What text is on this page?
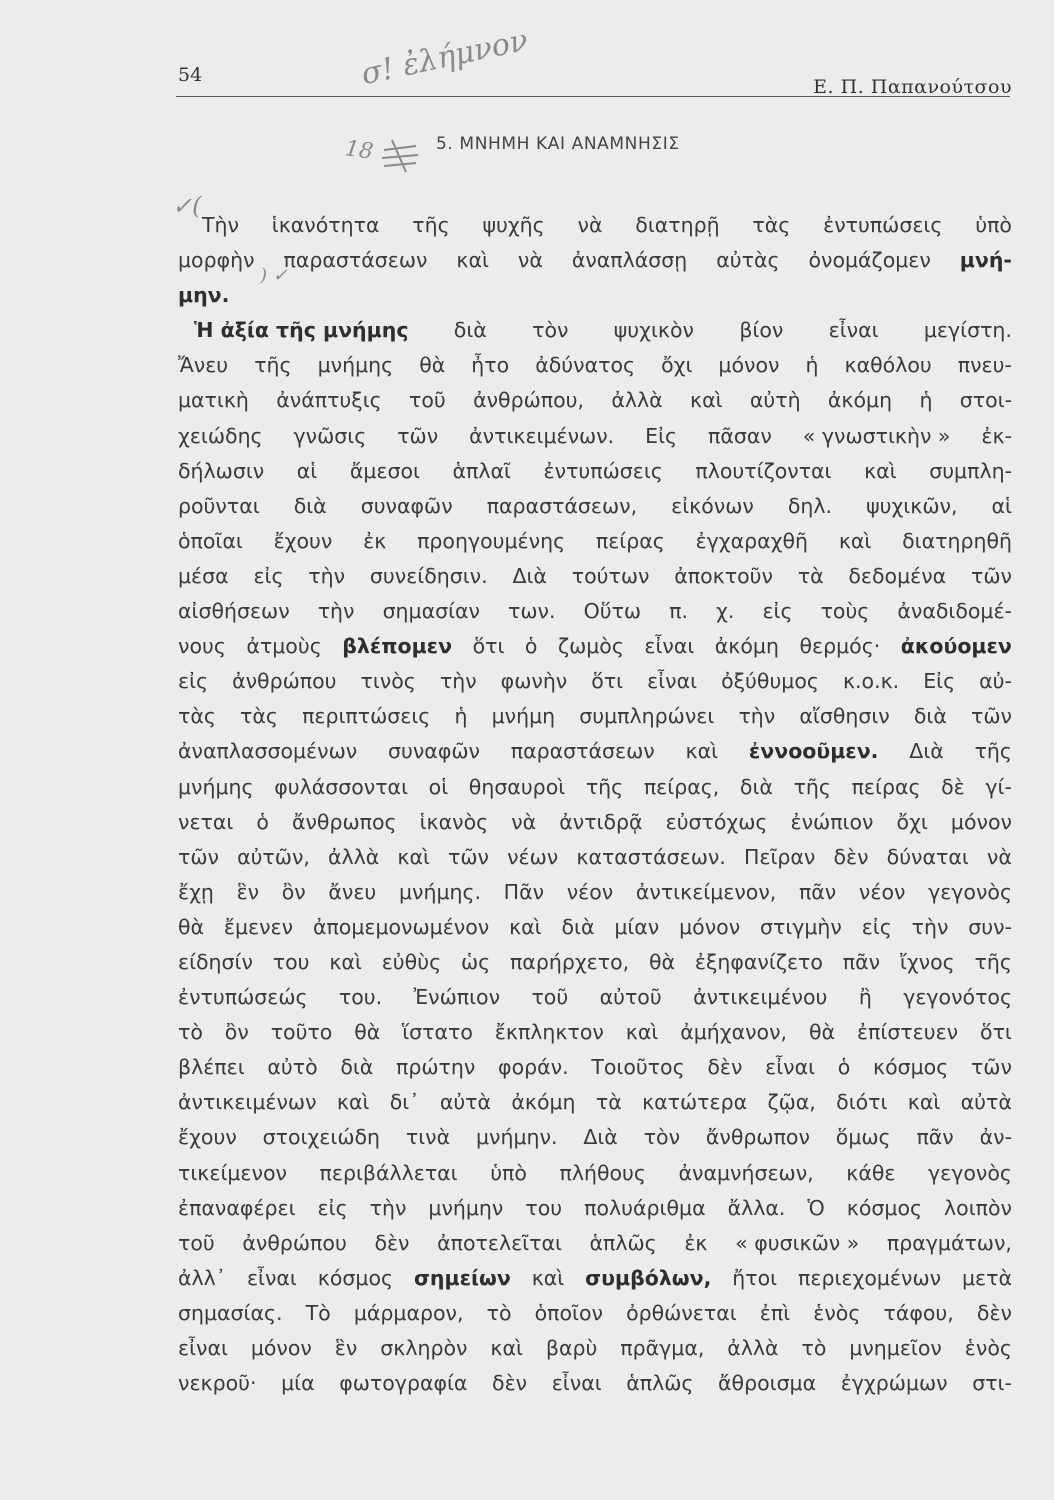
54
Ε. Π. Παπανούτσου
σ! ἐλήμνον
18
✓(
) ✓
5. ΜΝΗΜΗ ΚΑΙ ΑΝΑΜΝΗΣΙΣ
Τὴν ἱκανότητα τῆς ψυχῆς νὰ διατηρῇ τὰς ἐντυπώσεις ὑπὸ
μορφὴν παραστάσεων καὶ νὰ ἀναπλάσσῃ αὐτὰς ὀνομάζομεν μνή-
μην.
Ἡ ἀξία τῆς μνήμης διὰ τὸν ψυχικὸν βίον εἶναι μεγίστη.
Ἄνευ τῆς μνήμης θὰ ἦτο ἀδύνατος ὄχι μόνον ἡ καθόλου πνευ-
ματικὴ ἀνάπτυξις τοῦ ἀνθρώπου, ἀλλὰ καὶ αὐτὴ ἀκόμη ἡ στοι-
χειώδης γνῶσις τῶν ἀντικειμένων. Εἰς πᾶσαν « γνωστικὴν » ἐκ-
δήλωσιν αἱ ἄμεσοι ἁπλαῖ ἐντυπώσεις πλουτίζονται καὶ συμπλη-
ροῦνται διὰ συναφῶν παραστάσεων, εἰκόνων δηλ. ψυχικῶν, αἱ
ὁποῖαι ἔχουν ἐκ προηγουμένης πείρας ἐγχαραχθῆ καὶ διατηρηθῆ
μέσα εἰς τὴν συνείδησιν. Διὰ τούτων ἀποκτοῦν τὰ δεδομένα τῶν
αἰσθήσεων τὴν σημασίαν των. Οὕτω π. χ. εἰς τοὺς ἀναδιδομέ-
νους ἀτμοὺς βλέπομεν ὅτι ὁ ζωμὸς εἶναι ἀκόμη θερμός· ἀκούομεν
εἰς ἀνθρώπου τινὸς τὴν φωνὴν ὅτι εἶναι ὀξύθυμος κ.ο.κ. Εἰς αὐ-
τὰς τὰς περιπτώσεις ἡ μνήμη συμπληρώνει τὴν αἴσθησιν διὰ τῶν
ἀναπλασσομένων συναφῶν παραστάσεων καὶ ἐννοοῦμεν. Διὰ τῆς
μνήμης φυλάσσονται οἱ θησαυροὶ τῆς πείρας, διὰ τῆς πείρας δὲ γί-
νεται ὁ ἄνθρωπος ἱκανὸς νὰ ἀντιδρᾷ εὐστόχως ἐνώπιον ὄχι μόνον
τῶν αὐτῶν, ἀλλὰ καὶ τῶν νέων καταστάσεων. Πεῖραν δὲν δύναται νὰ
ἔχῃ ἓν ὂν ἄνευ μνήμης. Πᾶν νέον ἀντικείμενον, πᾶν νέον γεγονὸς
θὰ ἔμενεν ἀπομεμονωμένον καὶ διὰ μίαν μόνον στιγμὴν εἰς τὴν συν-
είδησίν του καὶ εὐθὺς ὡς παρήρχετο, θὰ ἐξηφανίζετο πᾶν ἴχνος τῆς
ἐντυπώσεώς του. Ἐνώπιον τοῦ αὐτοῦ ἀντικειμένου ἢ γεγονότος
τὸ ὂν τοῦτο θὰ ἵστατο ἔκπληκτον καὶ ἀμήχανον, θὰ ἐπίστευεν ὅτι
βλέπει αὐτὸ διὰ πρώτην φοράν. Τοιοῦτος δὲν εἶναι ὁ κόσμος τῶν
ἀντικειμένων καὶ δι᾽ αὐτὰ ἀκόμη τὰ κατώτερα ζῷα, διότι καὶ αὐτὰ
ἔχουν στοιχειώδη τινὰ μνήμην. Διὰ τὸν ἄνθρωπον ὅμως πᾶν ἀν-
τικείμενον περιβάλλεται ὑπὸ πλήθους ἀναμνήσεων, κάθε γεγονὸς
ἐπαναφέρει εἰς τὴν μνήμην του πολυάριθμα ἄλλα. Ὁ κόσμος λοιπὸν
τοῦ ἀνθρώπου δὲν ἀποτελεῖται ἁπλῶς ἐκ « φυσικῶν » πραγμάτων,
ἀλλ᾽ εἶναι κόσμος σημείων καὶ συμβόλων, ἤτοι περιεχομένων μετὰ
σημασίας. Τὸ μάρμαρον, τὸ ὁποῖον ὀρθώνεται ἐπὶ ἑνὸς τάφου, δὲν
εἶναι μόνον ἓν σκληρὸν καὶ βαρὺ πρᾶγμα, ἀλλὰ τὸ μνημεῖον ἑνὸς
νεκροῦ· μία φωτογραφία δὲν εἶναι ἁπλῶς ἄθροισμα ἐγχρώμων στι-
